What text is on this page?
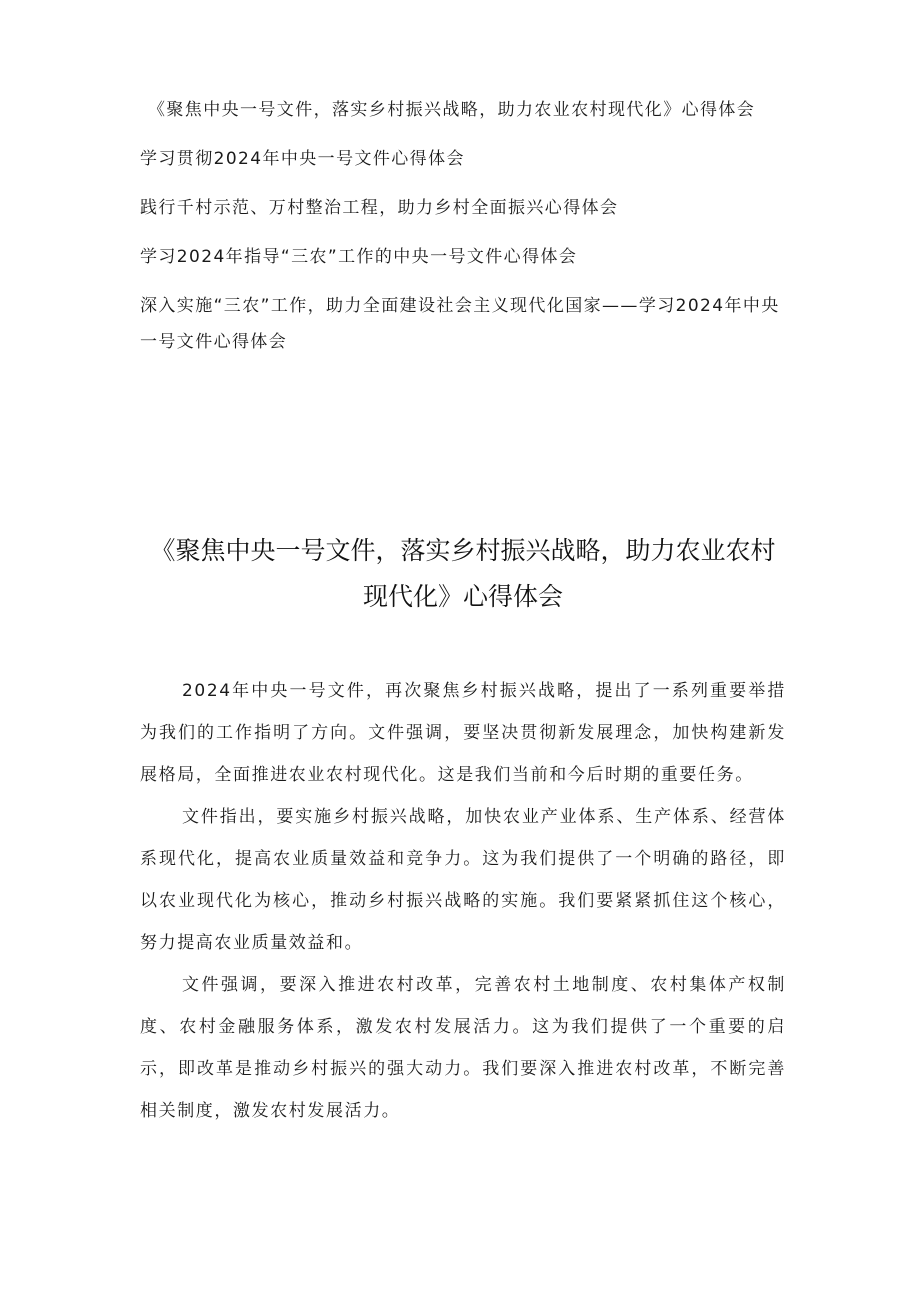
《聚焦中央一号文件，落实乡村振兴战略，助力农业农村现代化》心得体会

学习贯彻2024年中央一号文件心得体会

践行千村示范、万村整治工程，助力乡村全面振兴心得体会

学习2024年指导“三农”工作的中央一号文件心得体会

深入实施“三农”工作，助力全面建设社会主义现代化国家——学习2024年中央一号文件心得体会

《聚焦中央一号文件，落实乡村振兴战略，助力农业农村现代化》心得体会

2024年中央一号文件，再次聚焦乡村振兴战略，提出了一系列重要举措为我们的工作指明了方向。文件强调，要坚决贯彻新发展理念，加快构建新发展格局，全面推进农业农村现代化。这是我们当前和今后时期的重要任务。

文件指出，要实施乡村振兴战略，加快农业产业体系、生产体系、经营体系现代化，提高农业质量效益和竞争力。这为我们提供了一个明确的路径，即以农业现代化为核心，推动乡村振兴战略的实施。我们要紧紧抓住这个核心，努力提高农业质量效益和。

文件强调，要深入推进农村改革，完善农村土地制度、农村集体产权制度、农村金融服务体系，激发农村发展活力。这为我们提供了一个重要的启示，即改革是推动乡村振兴的强大动力。我们要深入推进农村改革，不断完善相关制度，激发农村发展活力。
